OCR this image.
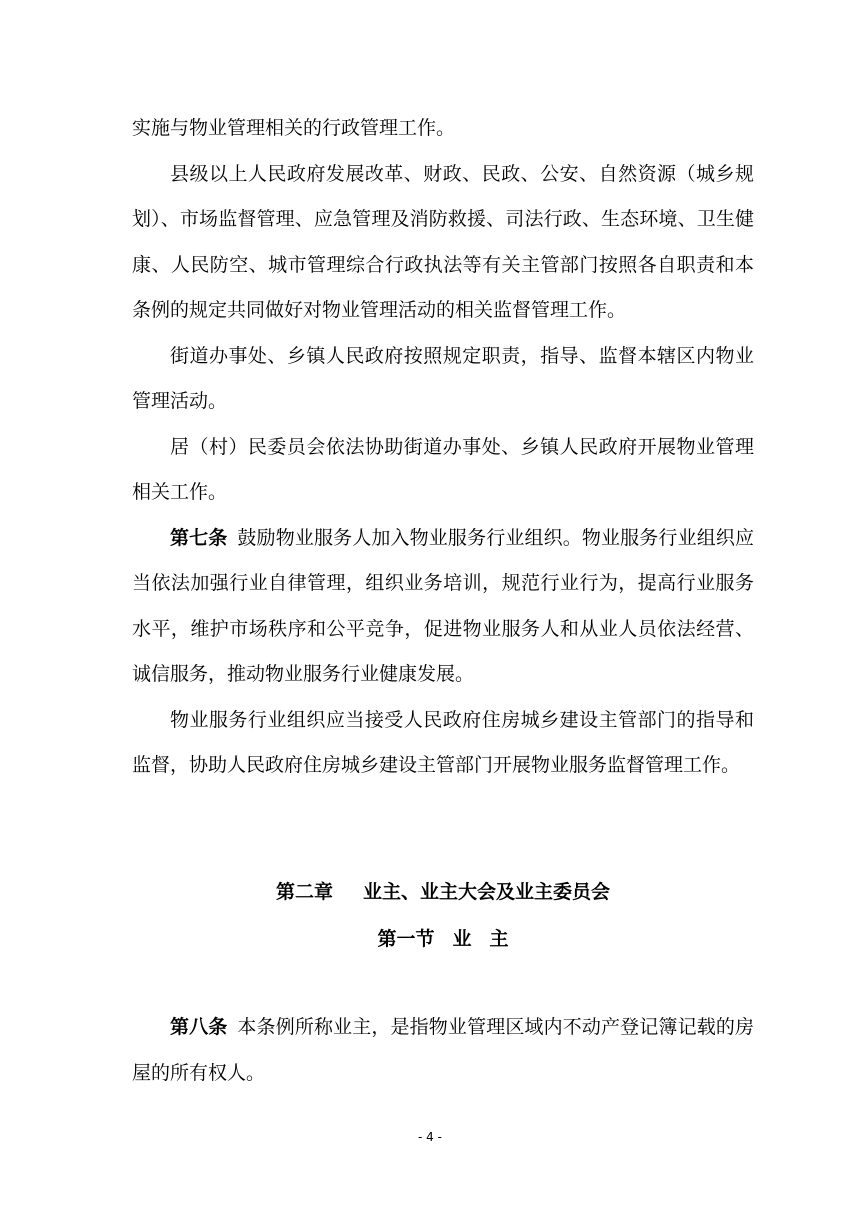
实施与物业管理相关的行政管理工作。

县级以上人民政府发展改革、财政、民政、公安、自然资源（城乡规划）、市场监督管理、应急管理及消防救援、司法行政、生态环境、卫生健康、人民防空、城市管理综合行政执法等有关主管部门按照各自职责和本条例的规定共同做好对物业管理活动的相关监督管理工作。

街道办事处、乡镇人民政府按照规定职责，指导、监督本辖区内物业管理活动。

居（村）民委员会依法协助街道办事处、乡镇人民政府开展物业管理相关工作。

第七条 鼓励物业服务人加入物业服务行业组织。物业服务行业组织应当依法加强行业自律管理，组织业务培训，规范行业行为，提高行业服务水平，维护市场秩序和公平竞争，促进物业服务人和从业人员依法经营、诚信服务，推动物业服务行业健康发展。

物业服务行业组织应当接受人民政府住房城乡建设主管部门的指导和监督，协助人民政府住房城乡建设主管部门开展物业服务监督管理工作。

第二章 业主、业主大会及业主委员会
第一节 业 主

第八条 本条例所称业主，是指物业管理区域内不动产登记簿记载的房屋的所有权人。

- 4 -
